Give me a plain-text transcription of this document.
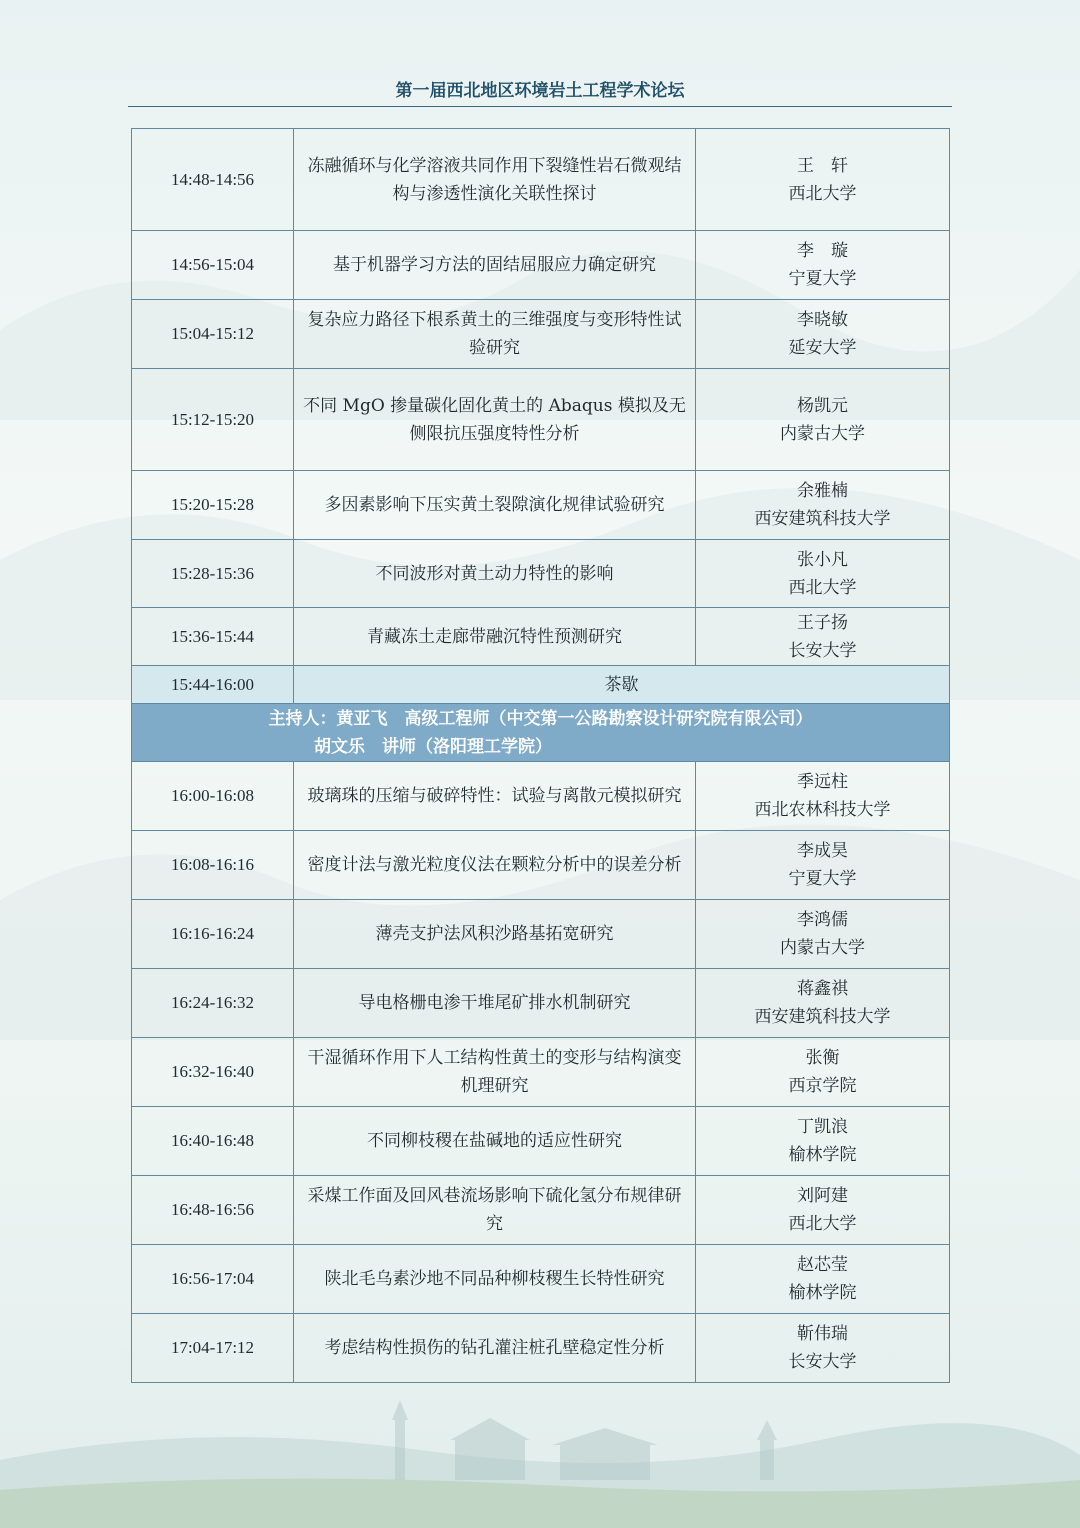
第一届西北地区环境岩土工程学术论坛
14:48-14:56	冻融循环与化学溶液共同作用下裂缝性岩石微观结构与渗透性演化关联性探讨	王　轩
西北大学

14:56-15:04	基于机器学习方法的固结屈服应力确定研究	李　璇
宁夏大学

15:04-15:12	复杂应力路径下根系黄土的三维强度与变形特性试验研究	李晓敏
延安大学

15:12-15:20	不同 MgO 掺量碳化固化黄土的 Abaqus 模拟及无侧限抗压强度特性分析	杨凯元
内蒙古大学

15:20-15:28	多因素影响下压实黄土裂隙演化规律试验研究	余雅楠
西安建筑科技大学

15:28-15:36	不同波形对黄土动力特性的影响	张小凡
西北大学

15:36-15:44	青藏冻土走廊带融沉特性预测研究	王子扬
长安大学

15:44-16:00	茶歇	

主持人：黄亚飞　高级工程师（中交第一公路勘察设计研究院有限公司）
胡文乐　讲师（洛阳理工学院）		

16:00-16:08	玻璃珠的压缩与破碎特性：试验与离散元模拟研究	季远柱
西北农林科技大学

16:08-16:16	密度计法与激光粒度仪法在颗粒分析中的误差分析	李成昊
宁夏大学

16:16-16:24	薄壳支护法风积沙路基拓宽研究	李鸿儒
内蒙古大学

16:24-16:32	导电格栅电渗干堆尾矿排水机制研究	蒋鑫祺
西安建筑科技大学

16:32-16:40	干湿循环作用下人工结构性黄土的变形与结构演变机理研究	张衡
西京学院

16:40-16:48	不同柳枝稷在盐碱地的适应性研究	丁凯浪
榆林学院

16:48-16:56	采煤工作面及回风巷流场影响下硫化氢分布规律研究	刘阿建
西北大学

16:56-17:04	陕北毛乌素沙地不同品种柳枝稷生长特性研究	赵芯莹
榆林学院

17:04-17:12	考虑结构性损伤的钻孔灌注桩孔壁稳定性分析	靳伟瑞
长安大学
